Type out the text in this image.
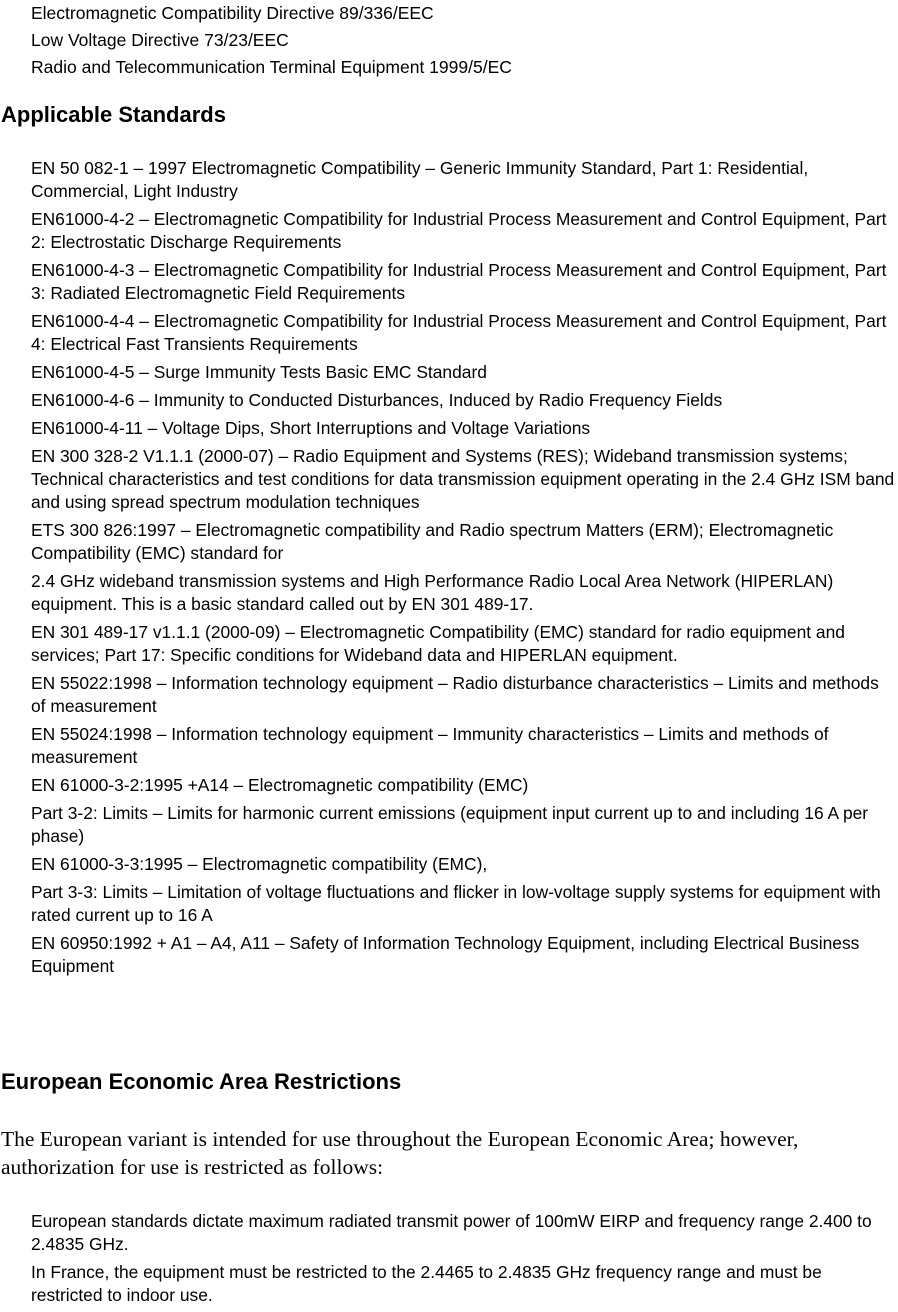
Electromagnetic Compatibility Directive 89/336/EEC
Low Voltage Directive 73/23/EEC
Radio and Telecommunication Terminal Equipment 1999/5/EC
Applicable Standards
EN 50 082-1 – 1997 Electromagnetic Compatibility – Generic Immunity Standard, Part 1: Residential, Commercial, Light Industry
EN61000-4-2 – Electromagnetic Compatibility for Industrial Process Measurement and Control Equipment, Part 2: Electrostatic Discharge Requirements
EN61000-4-3 – Electromagnetic Compatibility for Industrial Process Measurement and Control Equipment, Part 3: Radiated Electromagnetic Field Requirements
EN61000-4-4 – Electromagnetic Compatibility for Industrial Process Measurement and Control Equipment, Part 4: Electrical Fast Transients Requirements
EN61000-4-5 – Surge Immunity Tests Basic EMC Standard
EN61000-4-6 – Immunity to Conducted Disturbances, Induced by Radio Frequency Fields
EN61000-4-11 – Voltage Dips, Short Interruptions and Voltage Variations
EN 300 328-2 V1.1.1 (2000-07) – Radio Equipment and Systems (RES); Wideband transmission systems; Technical characteristics and test conditions for data transmission equipment operating in the 2.4 GHz ISM band and using spread spectrum modulation techniques
ETS 300 826:1997 – Electromagnetic compatibility and Radio spectrum Matters (ERM); Electromagnetic Compatibility (EMC) standard for
2.4 GHz wideband transmission systems and High Performance Radio Local Area Network (HIPERLAN) equipment. This is a basic standard called out by EN 301 489-17.
EN 301 489-17 v1.1.1 (2000-09) – Electromagnetic Compatibility (EMC) standard for radio equipment and services; Part 17: Specific conditions for Wideband data and HIPERLAN equipment.
EN 55022:1998 – Information technology equipment – Radio disturbance characteristics – Limits and methods of measurement
EN 55024:1998 – Information technology equipment – Immunity characteristics – Limits and methods of measurement
EN 61000-3-2:1995 +A14 – Electromagnetic compatibility (EMC)
Part 3-2: Limits – Limits for harmonic current emissions (equipment input current up to and including 16 A per phase)
EN 61000-3-3:1995 – Electromagnetic compatibility (EMC),
Part 3-3: Limits – Limitation of voltage fluctuations and flicker in low-voltage supply systems for equipment with rated current up to 16 A
EN 60950:1992 + A1 – A4, A11 – Safety of Information Technology Equipment, including Electrical Business Equipment
European Economic Area Restrictions

The European variant is intended for use throughout the European Economic Area; however, authorization for use is restricted as follows:

European standards dictate maximum radiated transmit power of 100mW EIRP and frequency range 2.400 to 2.4835 GHz.
In France, the equipment must be restricted to the 2.4465 to 2.4835 GHz frequency range and must be restricted to indoor use.
